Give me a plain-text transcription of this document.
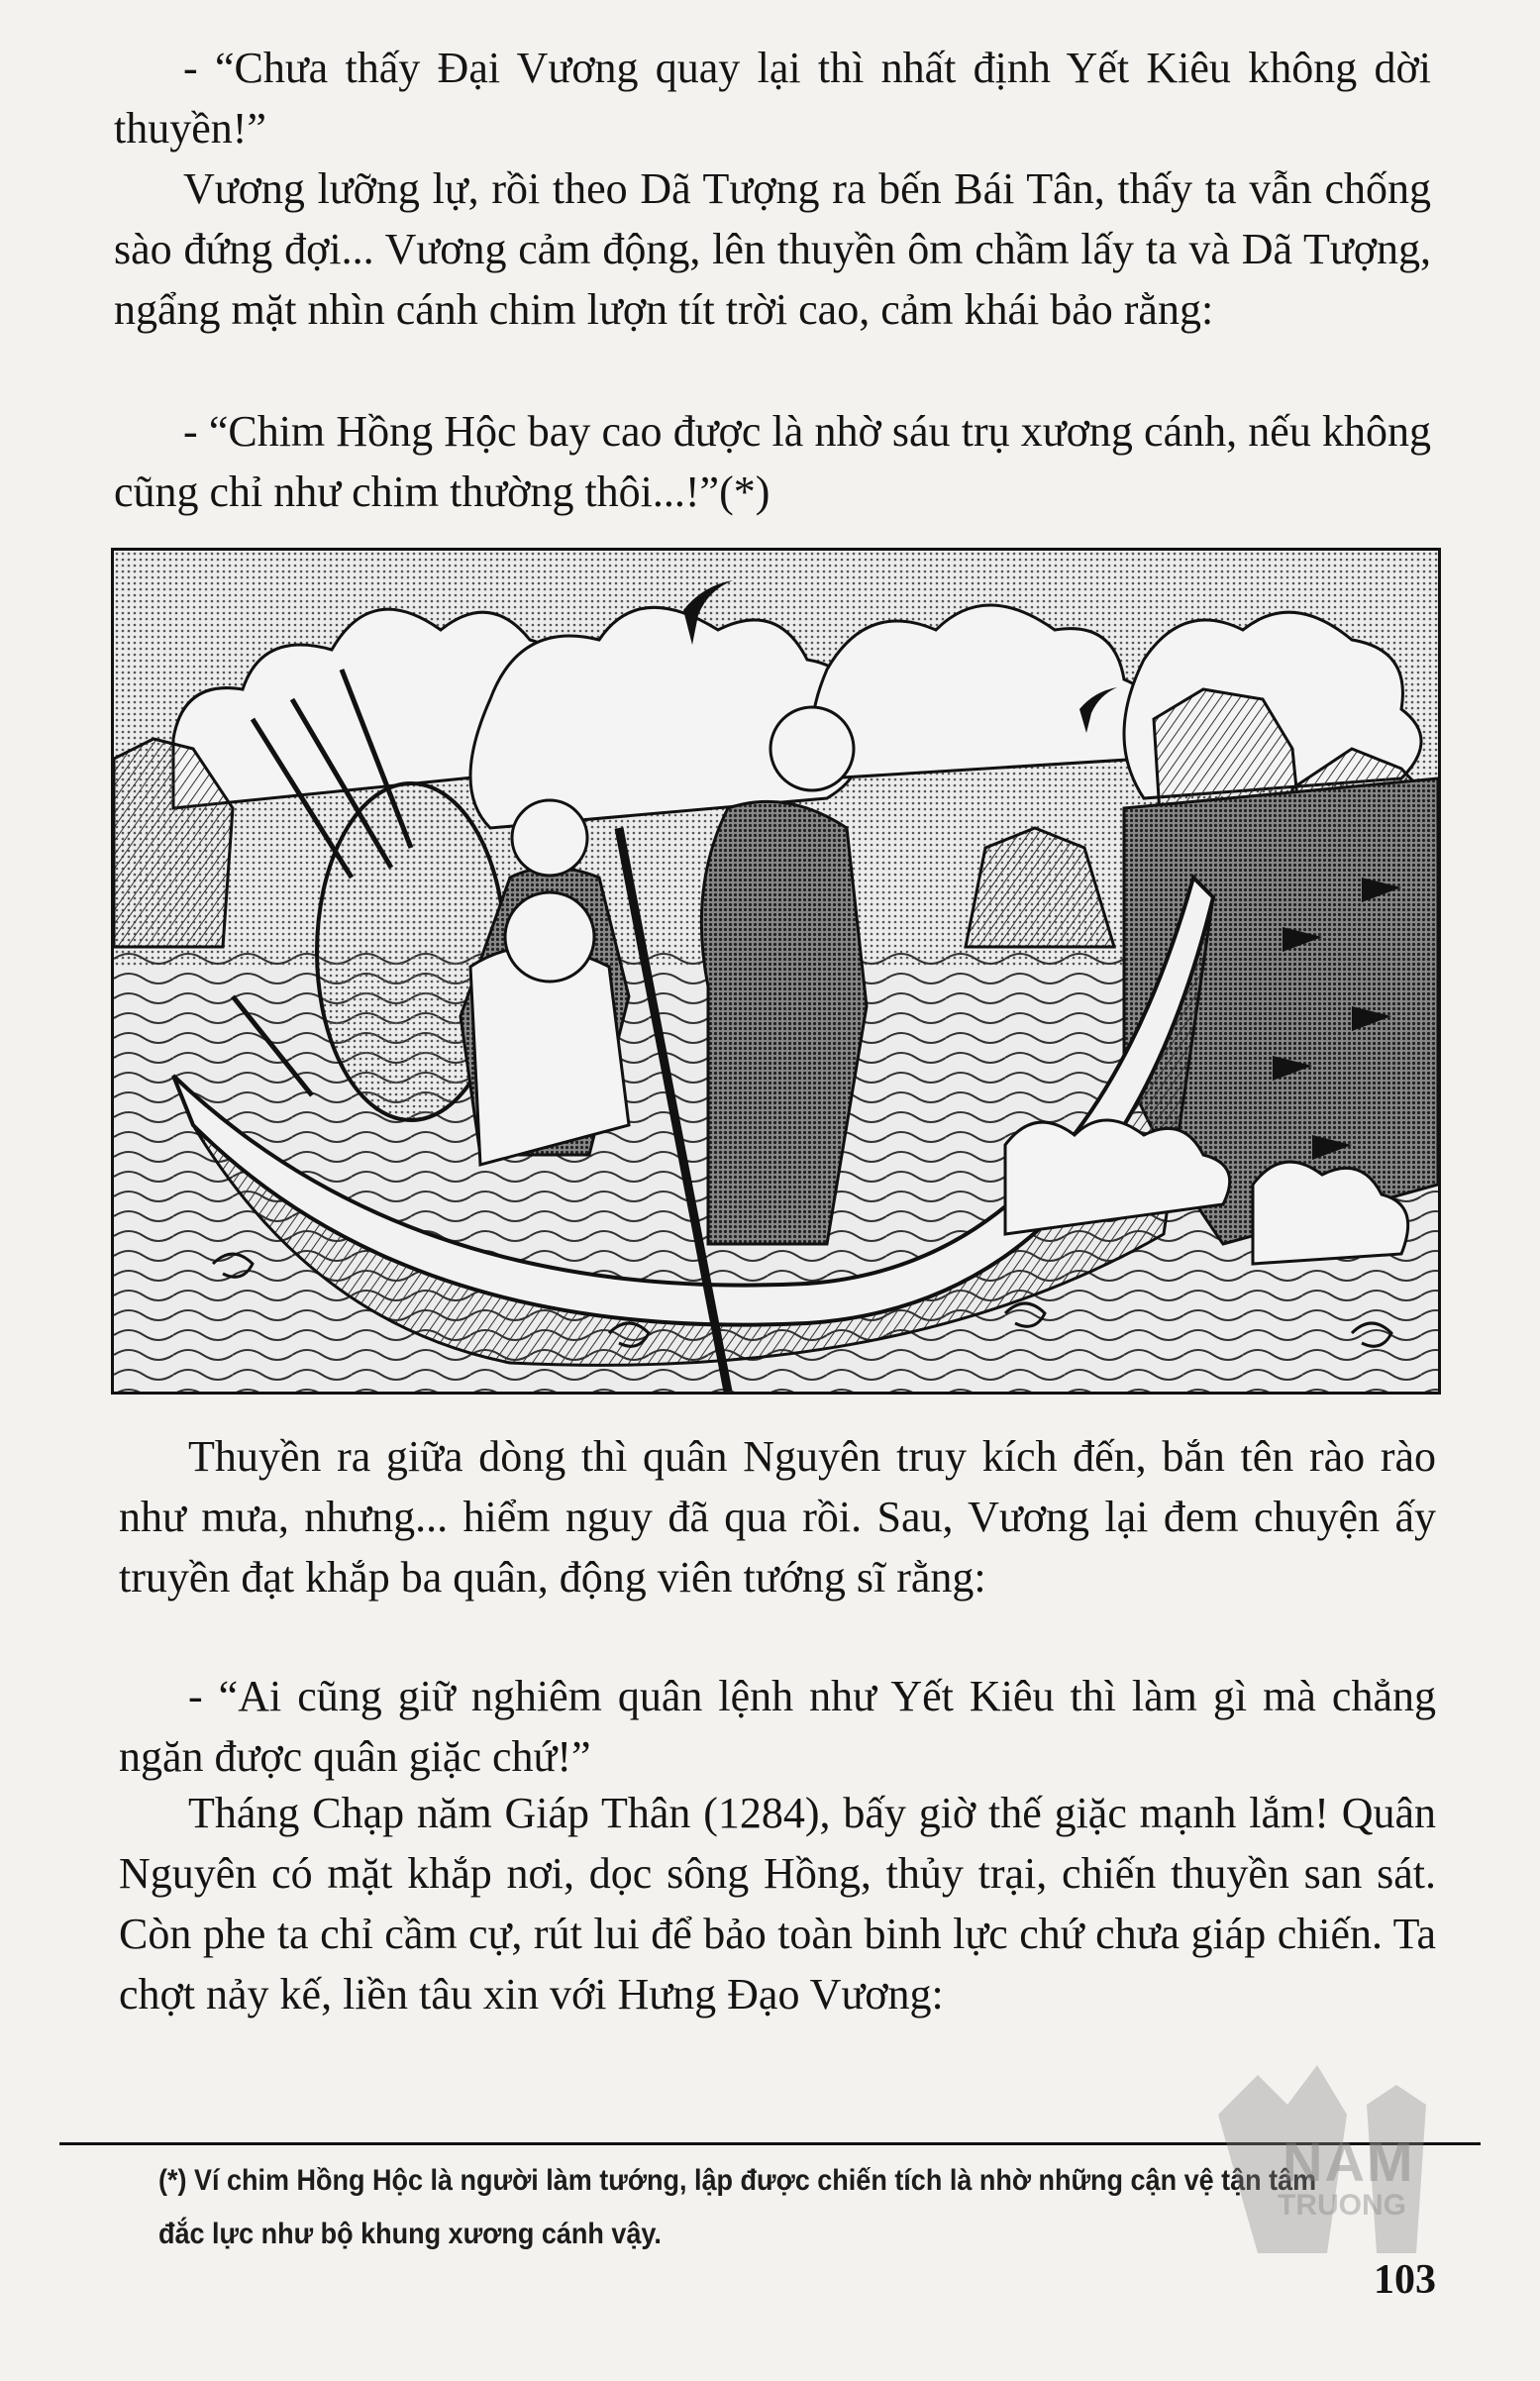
- “Chưa thấy Đại Vương quay lại thì nhất định Yết Kiêu không dời thuyền!”

Vương lưỡng lự, rồi theo Dã Tượng ra bến Bái Tân, thấy ta vẫn chống sào đứng đợi... Vương cảm động, lên thuyền ôm chầm lấy ta và Dã Tượng, ngẩng mặt nhìn cánh chim lượn tít trời cao, cảm khái bảo rằng:

- “Chim Hồng Hộc bay cao được là nhờ sáu trụ xương cánh, nếu không cũng chỉ như chim thường thôi...!”(*)

Thuyền ra giữa dòng thì quân Nguyên truy kích đến, bắn tên rào rào như mưa, nhưng... hiểm nguy đã qua rồi. Sau, Vương lại đem chuyện ấy truyền đạt khắp ba quân, động viên tướng sĩ rằng:

- “Ai cũng giữ nghiêm quân lệnh như Yết Kiêu thì làm gì mà chẳng ngăn được quân giặc chứ!”

Tháng Chạp năm Giáp Thân (1284), bấy giờ thế giặc mạnh lắm! Quân Nguyên có mặt khắp nơi, dọc sông Hồng, thủy trại, chiến thuyền san sát. Còn phe ta chỉ cầm cự, rút lui để bảo toàn binh lực chứ chưa giáp chiến. Ta chợt nảy kế, liền tâu xin với Hưng Đạo Vương:

(*) Ví chim Hồng Hộc là người làm tướng, lập được chiến tích là nhờ những cận vệ tận tâm đắc lực như bộ khung xương cánh vậy.
NAM
TRUONG
103
